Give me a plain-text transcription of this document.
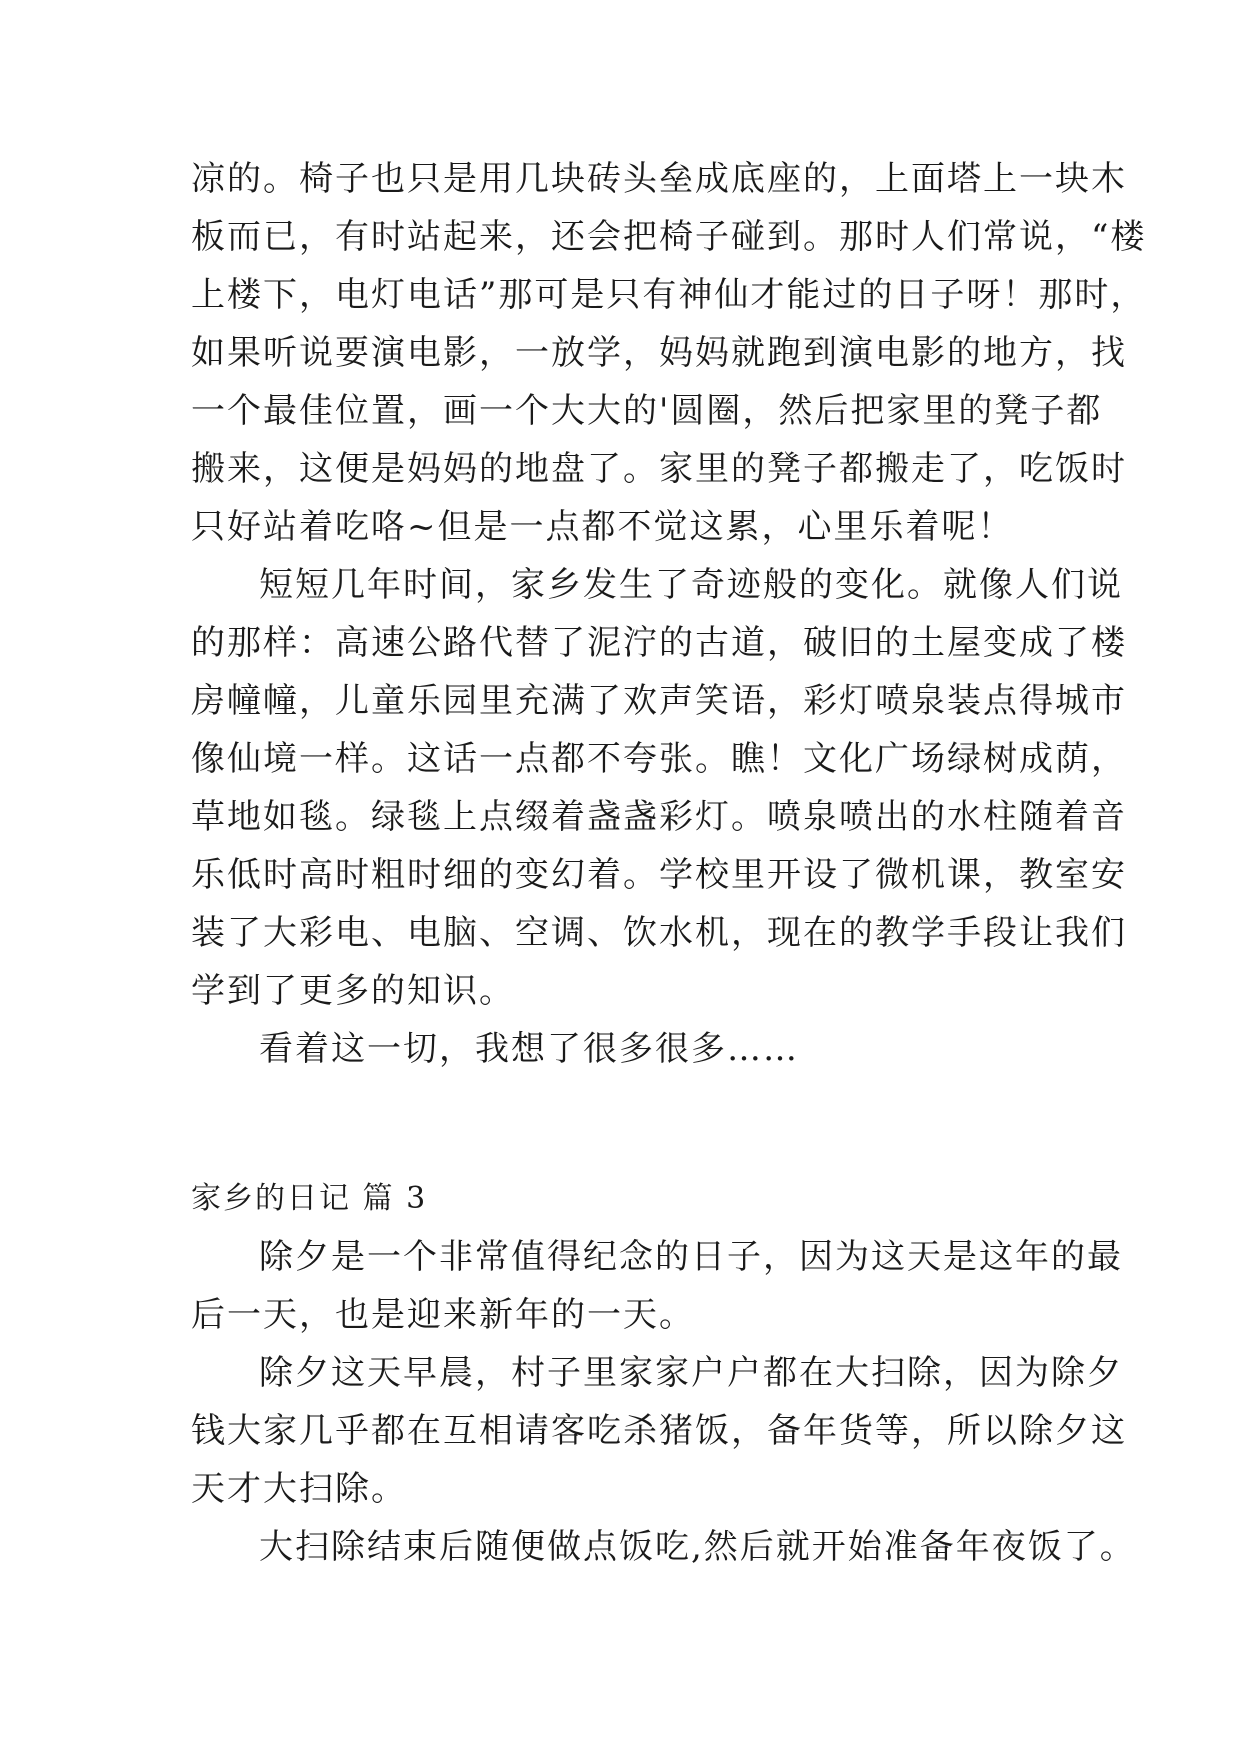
凉的。椅子也只是用几块砖头垒成底座的，上面塔上一块木
板而已，有时站起来，还会把椅子碰到。那时人们常说，“楼
上楼下，电灯电话”那可是只有神仙才能过的日子呀！那时，
如果听说要演电影，一放学，妈妈就跑到演电影的地方，找
一个最佳位置，画一个大大的'圆圈，然后把家里的凳子都
搬来，这便是妈妈的地盘了。家里的凳子都搬走了，吃饭时
只好站着吃咯~但是一点都不觉这累，心里乐着呢！
短短几年时间，家乡发生了奇迹般的变化。就像人们说
的那样：高速公路代替了泥泞的古道，破旧的土屋变成了楼
房幢幢，儿童乐园里充满了欢声笑语，彩灯喷泉装点得城市
像仙境一样。这话一点都不夸张。瞧！文化广场绿树成荫，
草地如毯。绿毯上点缀着盏盏彩灯。喷泉喷出的水柱随着音
乐低时高时粗时细的变幻着。学校里开设了微机课，教室安
装了大彩电、电脑、空调、饮水机，现在的教学手段让我们
学到了更多的知识。
看着这一切，我想了很多很多……
家乡的日记 篇 3
除夕是一个非常值得纪念的日子，因为这天是这年的最
后一天，也是迎来新年的一天。
除夕这天早晨，村子里家家户户都在大扫除，因为除夕
钱大家几乎都在互相请客吃杀猪饭，备年货等，所以除夕这
天才大扫除。
大扫除结束后随便做点饭吃,然后就开始准备年夜饭了。
